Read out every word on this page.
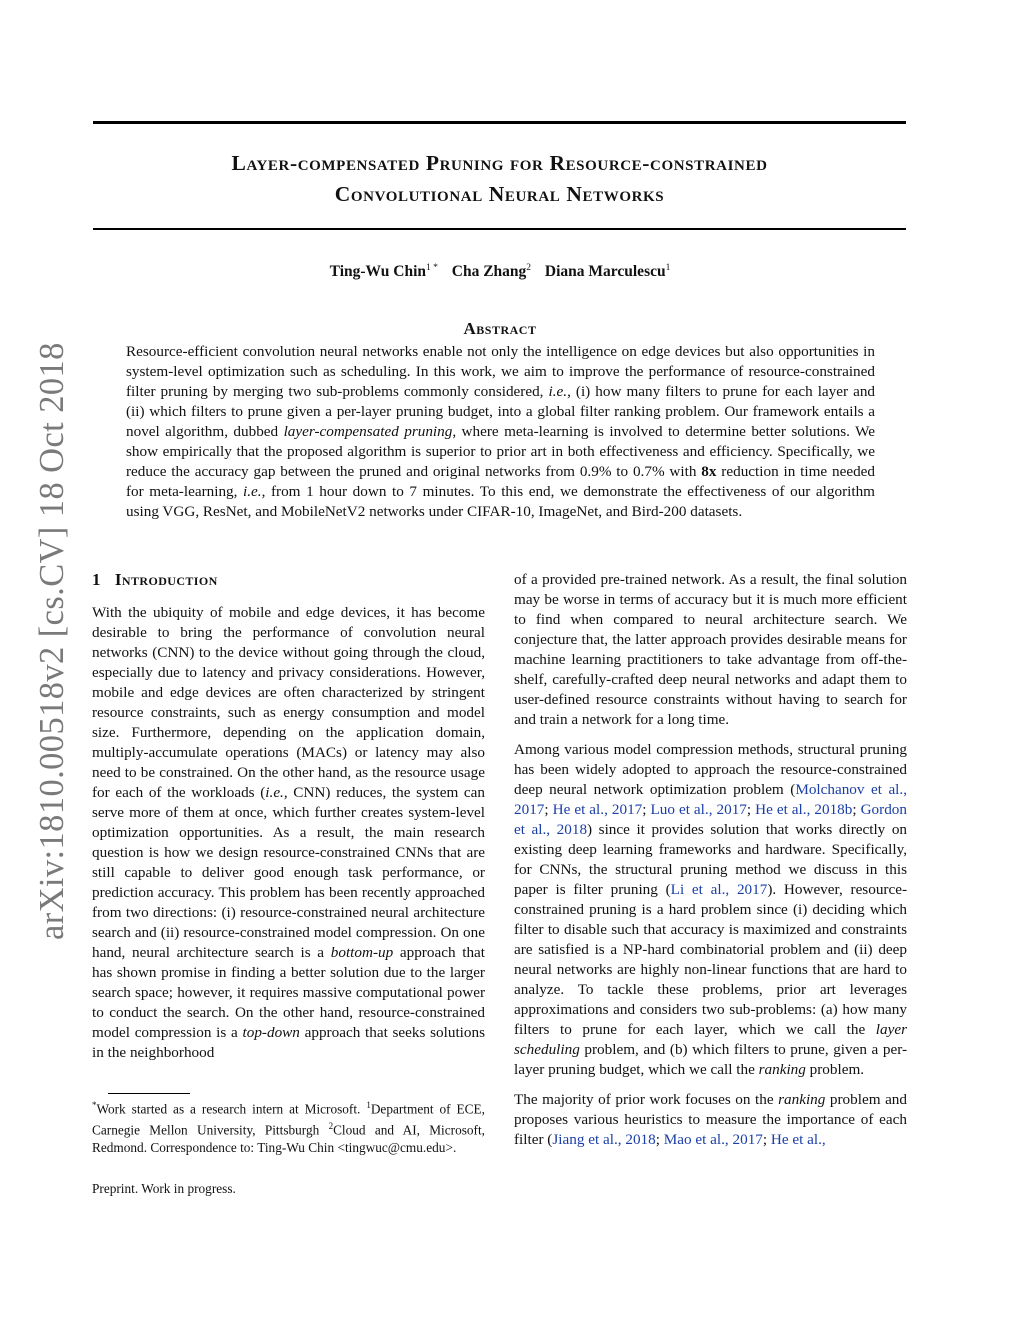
Layer-compensated Pruning for Resource-constrained
Convolutional Neural Networks
Ting-Wu Chin$^{1 *}$ Cha Zhang$^2$ Diana Marculescu$^1$
arXiv:1810.00518v2 [cs.CV] 18 Oct 2018
Abstract
Resource-efficient convolution neural networks enable not only the intelligence on edge devices but also opportunities in system-level optimization such as scheduling. In this work, we aim to improve the performance of resource-constrained filter pruning by merging two sub-problems commonly considered, i.e., (i) how many filters to prune for each layer and (ii) which filters to prune given a per-layer pruning budget, into a global filter ranking problem. Our framework entails a novel algorithm, dubbed layer-compensated pruning, where meta-learning is involved to determine better solutions. We show empirically that the proposed algorithm is superior to prior art in both effectiveness and efficiency. Specifically, we reduce the accuracy gap between the pruned and original networks from 0.9% to 0.7% with 8x reduction in time needed for meta-learning, i.e., from 1 hour down to 7 minutes. To this end, we demonstrate the effectiveness of our algorithm using VGG, ResNet, and MobileNetV2 networks under CIFAR-10, ImageNet, and Bird-200 datasets.
1 Introduction

With the ubiquity of mobile and edge devices, it has become desirable to bring the performance of convolution neural networks (CNN) to the device without going through the cloud, especially due to latency and privacy considerations. However, mobile and edge devices are often characterized by stringent resource constraints, such as energy consumption and model size. Furthermore, depending on the application domain, multiply-accumulate operations (MACs) or latency may also need to be constrained. On the other hand, as the resource usage for each of the workloads (i.e., CNN) reduces, the system can serve more of them at once, which further creates system-level optimization opportunities. As a result, the main research question is how we design resource-constrained CNNs that are still capable to deliver good enough task performance, or prediction accuracy. This problem has been recently approached from two directions: (i) resource-constrained neural architecture search and (ii) resource-constrained model compression. On one hand, neural architecture search is a bottom-up approach that has shown promise in finding a better solution due to the larger search space; however, it requires massive computational power to conduct the search. On the other hand, resource-constrained model compression is a top-down approach that seeks solutions in the neighborhood

*Work started as a research intern at Microsoft. $^1$Department of ECE, Carnegie Mellon University, Pittsburgh $^2$Cloud and AI, Microsoft, Redmond. Correspondence to: Ting-Wu Chin <tingwuc@cmu.edu>.
Preprint. Work in progress.

of a provided pre-trained network. As a result, the final solution may be worse in terms of accuracy but it is much more efficient to find when compared to neural architecture search. We conjecture that, the latter approach provides desirable means for machine learning practitioners to take advantage from off-the-shelf, carefully-crafted deep neural networks and adapt them to user-defined resource constraints without having to search for and train a network for a long time.

Among various model compression methods, structural pruning has been widely adopted to approach the resource-constrained deep neural network optimization problem (Molchanov et al., 2017; He et al., 2017; Luo et al., 2017; He et al., 2018b; Gordon et al., 2018) since it provides solution that works directly on existing deep learning frameworks and hardware. Specifically, for CNNs, the structural pruning method we discuss in this paper is filter pruning (Li et al., 2017). However, resource-constrained pruning is a hard problem since (i) deciding which filter to disable such that accuracy is maximized and constraints are satisfied is a NP-hard combinatorial problem and (ii) deep neural networks are highly non-linear functions that are hard to analyze. To tackle these problems, prior art leverages approximations and considers two sub-problems: (a) how many filters to prune for each layer, which we call the layer scheduling problem, and (b) which filters to prune, given a per-layer pruning budget, which we call the ranking problem.

The majority of prior work focuses on the ranking problem and proposes various heuristics to measure the importance of each filter (Jiang et al., 2018; Mao et al., 2017; He et al.,
